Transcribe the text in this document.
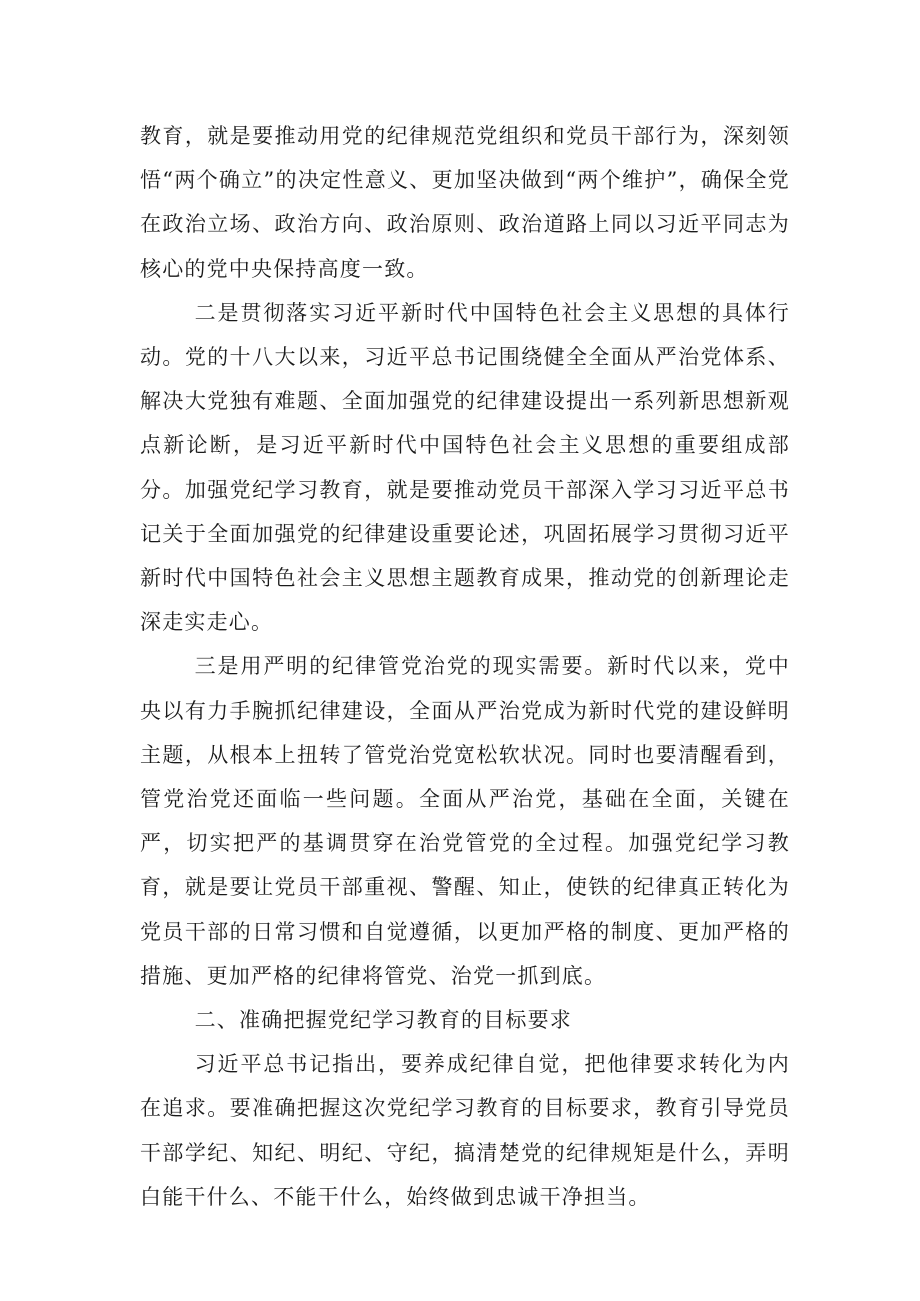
教育，就是要推动用党的纪律规范党组织和党员干部行为，深刻领悟“两个确立”的决定性意义、更加坚决做到“两个维护”，确保全党在政治立场、政治方向、政治原则、政治道路上同以习近平同志为核心的党中央保持高度一致。

二是贯彻落实习近平新时代中国特色社会主义思想的具体行动。党的十八大以来，习近平总书记围绕健全全面从严治党体系、解决大党独有难题、全面加强党的纪律建设提出一系列新思想新观点新论断，是习近平新时代中国特色社会主义思想的重要组成部分。加强党纪学习教育，就是要推动党员干部深入学习习近平总书记关于全面加强党的纪律建设重要论述，巩固拓展学习贯彻习近平新时代中国特色社会主义思想主题教育成果，推动党的创新理论走深走实走心。

三是用严明的纪律管党治党的现实需要。新时代以来，党中央以有力手腕抓纪律建设，全面从严治党成为新时代党的建设鲜明主题，从根本上扭转了管党治党宽松软状况。同时也要清醒看到，管党治党还面临一些问题。全面从严治党，基础在全面，关键在严，切实把严的基调贯穿在治党管党的全过程。加强党纪学习教育，就是要让党员干部重视、警醒、知止，使铁的纪律真正转化为党员干部的日常习惯和自觉遵循，以更加严格的制度、更加严格的措施、更加严格的纪律将管党、治党一抓到底。

二、准确把握党纪学习教育的目标要求

习近平总书记指出，要养成纪律自觉，把他律要求转化为内在追求。要准确把握这次党纪学习教育的目标要求，教育引导党员干部学纪、知纪、明纪、守纪，搞清楚党的纪律规矩是什么，弄明白能干什么、不能干什么，始终做到忠诚干净担当。
